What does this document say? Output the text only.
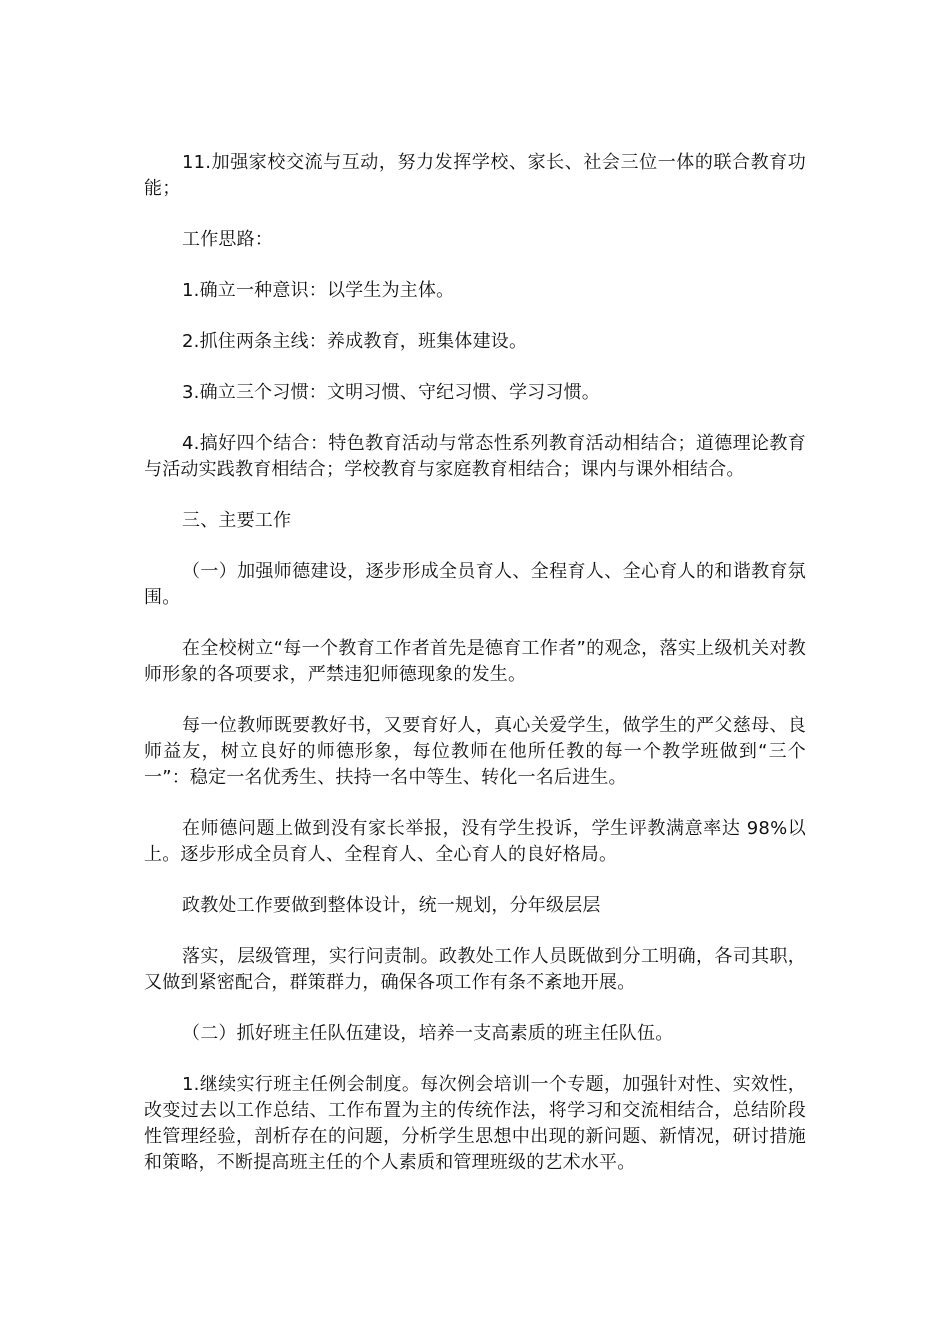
11.加强家校交流与互动，努力发挥学校、家长、社会三位一体的联合教育功能；

工作思路：

1.确立一种意识：以学生为主体。

2.抓住两条主线：养成教育，班集体建设。

3.确立三个习惯：文明习惯、守纪习惯、学习习惯。

4.搞好四个结合：特色教育活动与常态性系列教育活动相结合；道德理论教育与活动实践教育相结合；学校教育与家庭教育相结合；课内与课外相结合。

三、主要工作

（一）加强师德建设，逐步形成全员育人、全程育人、全心育人的和谐教育氛围。

在全校树立“每一个教育工作者首先是德育工作者”的观念，落实上级机关对教师形象的各项要求，严禁违犯师德现象的发生。

每一位教师既要教好书，又要育好人，真心关爱学生，做学生的严父慈母、良师益友，树立良好的师德形象，每位教师在他所任教的每一个教学班做到“三个一”：稳定一名优秀生、扶持一名中等生、转化一名后进生。

在师德问题上做到没有家长举报，没有学生投诉，学生评教满意率达 98%以上。逐步形成全员育人、全程育人、全心育人的良好格局。

政教处工作要做到整体设计，统一规划，分年级层层

落实，层级管理，实行问责制。政教处工作人员既做到分工明确，各司其职，又做到紧密配合，群策群力，确保各项工作有条不紊地开展。

（二）抓好班主任队伍建设，培养一支高素质的班主任队伍。

1.继续实行班主任例会制度。每次例会培训一个专题，加强针对性、实效性，改变过去以工作总结、工作布置为主的传统作法，将学习和交流相结合，总结阶段性管理经验，剖析存在的问题，分析学生思想中出现的新问题、新情况，研讨措施和策略，不断提高班主任的个人素质和管理班级的艺术水平。
